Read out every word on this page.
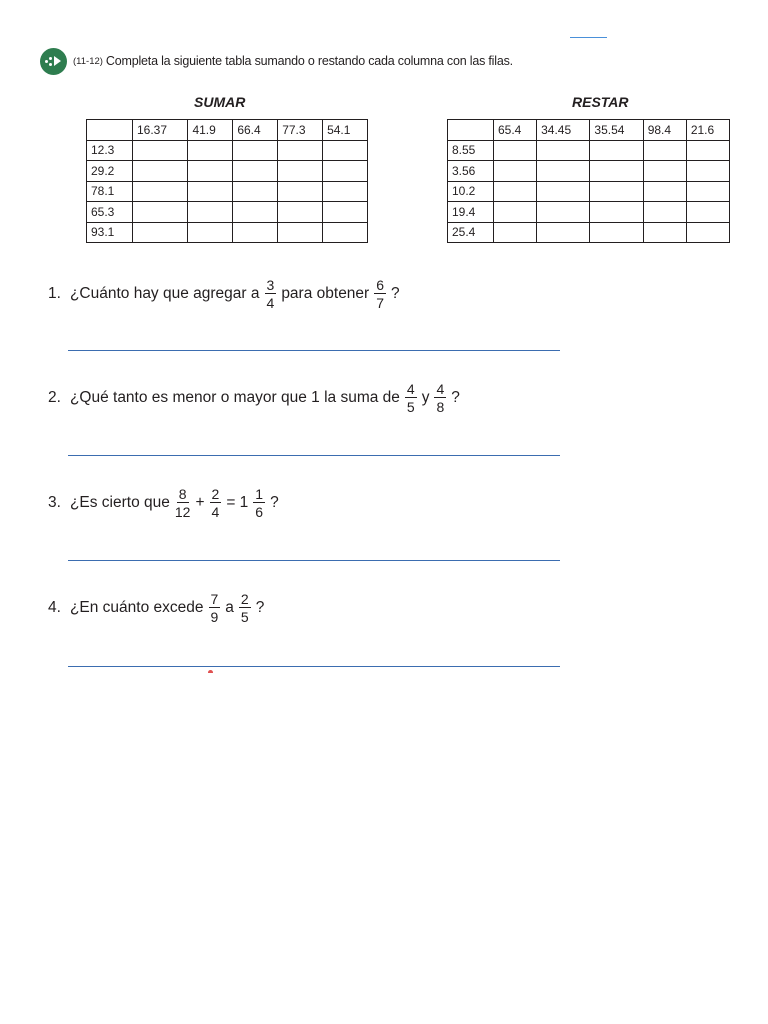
(11-12) Completa la siguiente tabla sumando o restando cada columna con las filas.
SUMAR
	16.37	41.9	66.4	77.3	54.1
12.3					
29.2					
78.1					
65.3					
93.1					
RESTAR
	65.4	34.45	35.54	98.4	21.6
8.55					
3.56					
10.2					
19.4					
25.4					
1. ¿Cuánto hay que agregar a $\frac{3}{4}$ para obtener $\frac{6}{7}$ ?
2. ¿Qué tanto es menor o mayor que 1 la suma de $\frac{4}{5}$ y $\frac{4}{8}$ ?
3. ¿Es cierto que $\frac{8}{12} + \frac{2}{4} = 1 \frac{1}{6}$ ?
4. ¿En cuánto excede $\frac{7}{9}$ a $\frac{2}{5}$ ?
